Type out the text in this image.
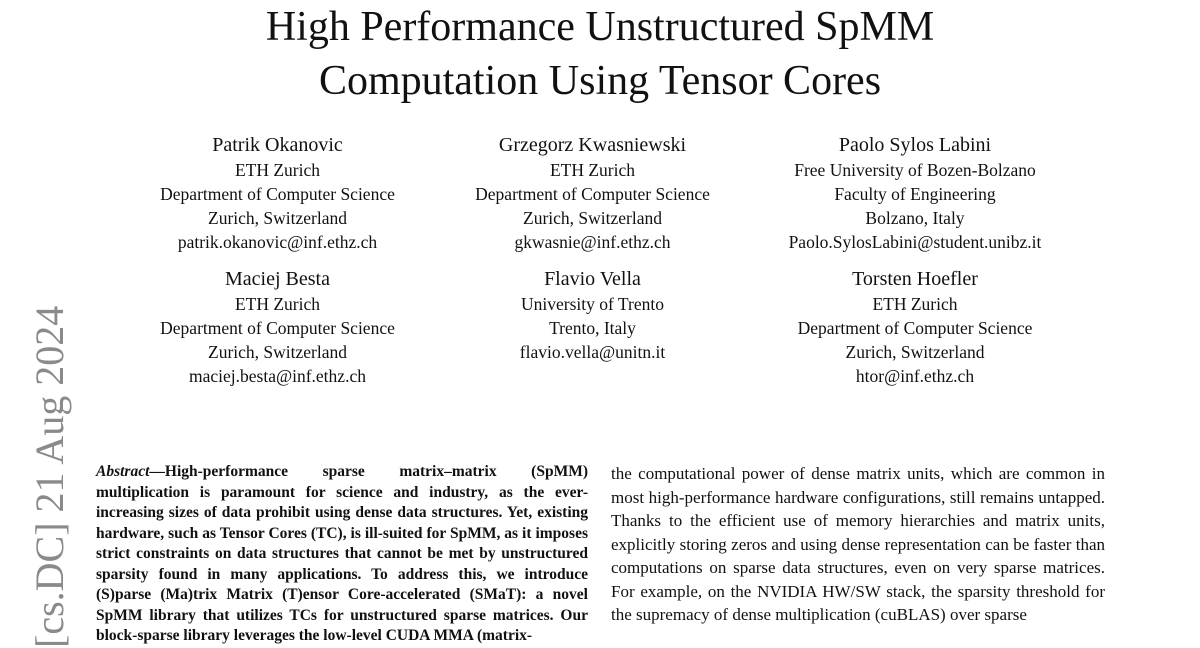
High Performance Unstructured SpMM
Computation Using Tensor Cores
Patrik Okanovic
ETH Zurich
Department of Computer Science
Zurich, Switzerland
patrik.okanovic@inf.ethz.ch
Grzegorz Kwasniewski
ETH Zurich
Department of Computer Science
Zurich, Switzerland
gkwasnie@inf.ethz.ch
Paolo Sylos Labini
Free University of Bozen-Bolzano
Faculty of Engineering
Bolzano, Italy
Paolo.SylosLabini@student.unibz.it
Maciej Besta
ETH Zurich
Department of Computer Science
Zurich, Switzerland
maciej.besta@inf.ethz.ch
Flavio Vella
University of Trento
Trento, Italy
flavio.vella@unitn.it
Torsten Hoefler
ETH Zurich
Department of Computer Science
Zurich, Switzerland
htor@inf.ethz.ch
[cs.DC] 21 Aug 2024 Abstract—High-performance sparse matrix–matrix (SpMM) multiplication is paramount for science and industry, as the ever-increasing sizes of data prohibit using dense data structures. Yet, existing hardware, such as Tensor Cores (TC), is ill-suited for SpMM, as it imposes strict constraints on data structures that cannot be met by unstructured sparsity found in many applications. To address this, we introduce (S)parse (Ma)trix Matrix (T)ensor Core-accelerated (SMaT): a novel SpMM library that utilizes TCs for unstructured sparse matrices. Our block-sparse library leverages the low-level CUDA MMA (matrix-
the computational power of dense matrix units, which are common in most high-performance hardware configurations, still remains untapped. Thanks to the efficient use of memory hierarchies and matrix units, explicitly storing zeros and using dense representation can be faster than computations on sparse data structures, even on very sparse matrices. For example, on the NVIDIA HW/SW stack, the sparsity threshold for the supremacy of dense multiplication (cuBLAS) over sparse
